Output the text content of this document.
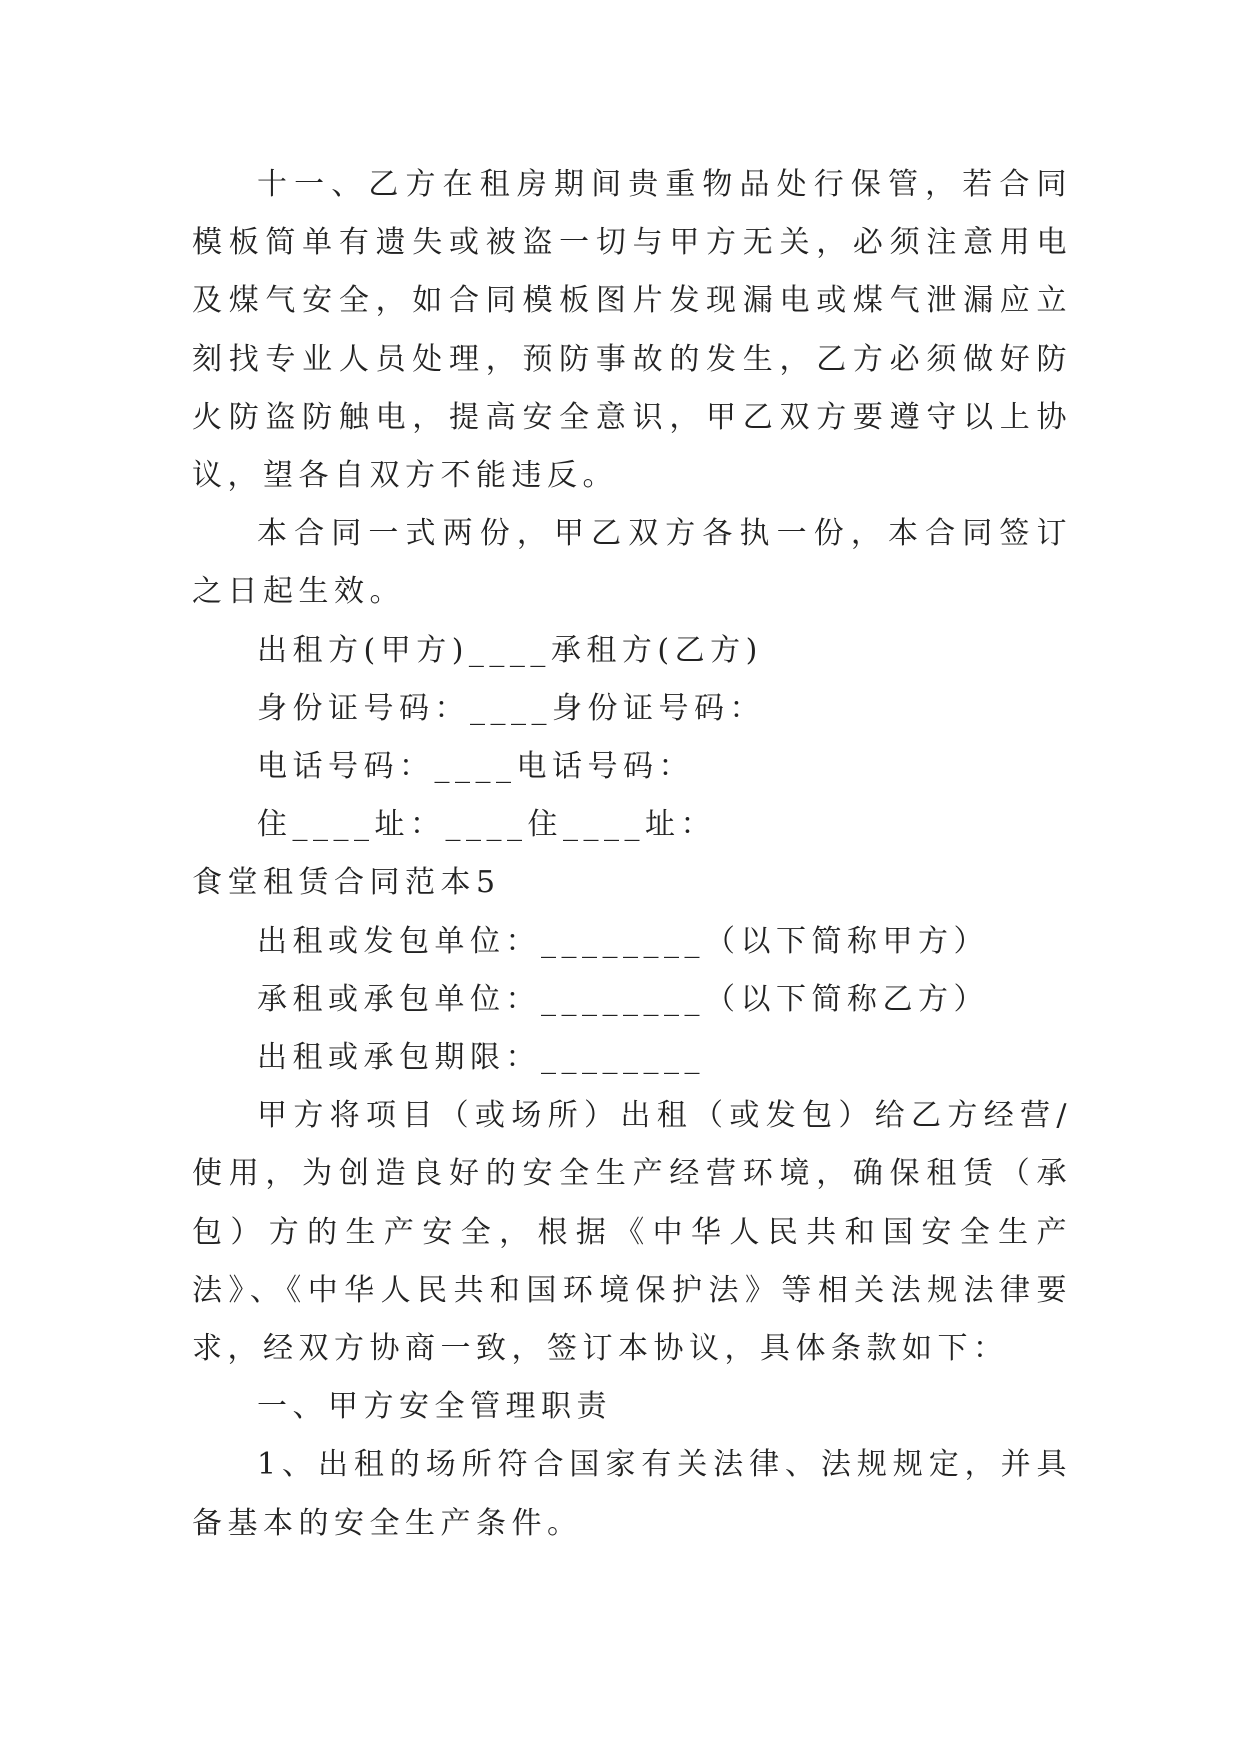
十一、乙方在租房期间贵重物品处行保管，若合同模板简单有遗失或被盗一切与甲方无关，必须注意用电及煤气安全，如合同模板图片发现漏电或煤气泄漏应立刻找专业人员处理，预防事故的发生，乙方必须做好防火防盗防触电，提高安全意识，甲乙双方要遵守以上协议，望各自双方不能违反。

本合同一式两份，甲乙双方各执一份，本合同签订之日起生效。

出租方(甲方)____承租方(乙方)

身份证号码：____身份证号码：

电话号码：____电话号码：

住____址：____住____址：

食堂租赁合同范本5

出租或发包单位：________（以下简称甲方）

承租或承包单位：________（以下简称乙方）

出租或承包期限：________

甲方将项目（或场所）出租（或发包）给乙方经营/使用，为创造良好的安全生产经营环境，确保租赁（承包）方的生产安全，根据《中华人民共和国安全生产法》、《中华人民共和国环境保护法》等相关法规法律要求，经双方协商一致，签订本协议，具体条款如下：

一、甲方安全管理职责

1、出租的场所符合国家有关法律、法规规定，并具备基本的安全生产条件。
